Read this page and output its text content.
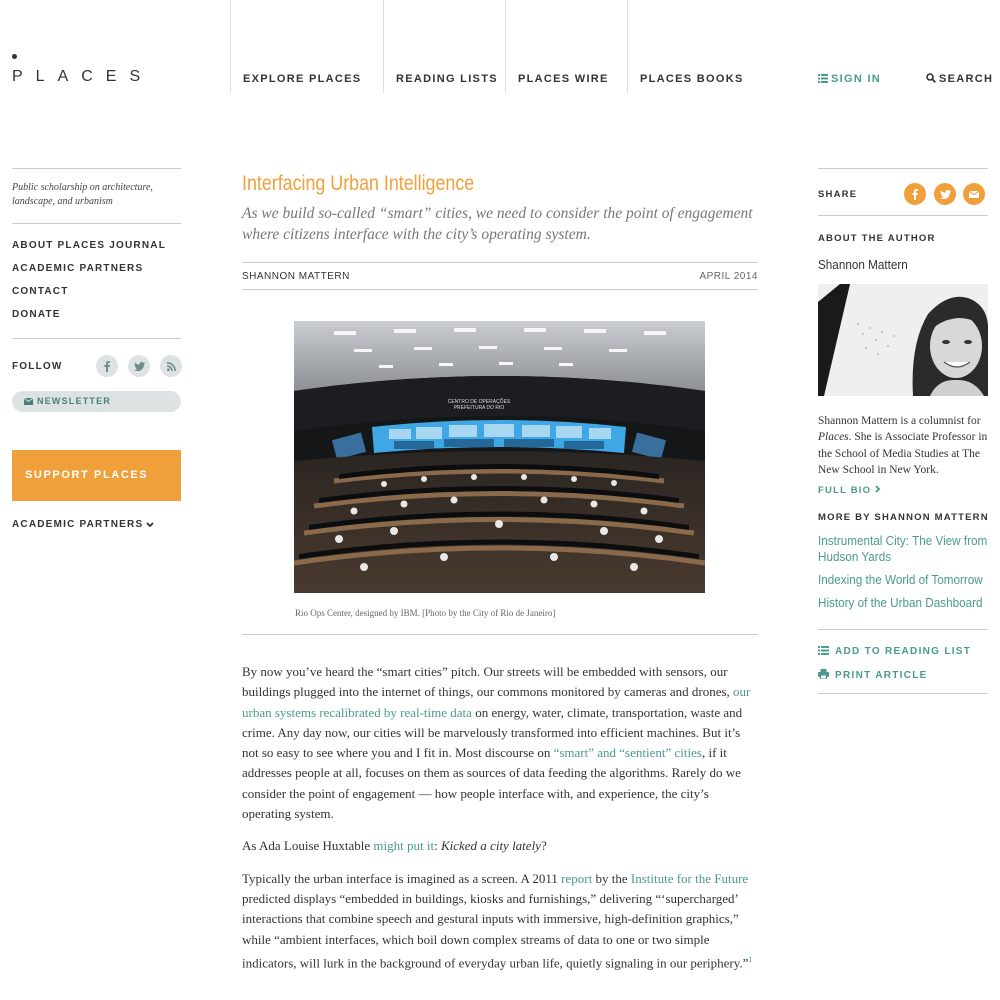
PLACES	EXPLORE PLACES	READING LISTS PLACES WIRE	PLACES BOOKS	SIGN IN	SEARCH
Public scholarship on architecture, landscape, and urbanism
ABOUT PLACES JOURNAL
ACADEMIC PARTNERS
CONTACT
DONATE
FOLLOW
NEWSLETTER
SUPPORT PLACES
ACADEMIC PARTNERS
Interfacing Urban Intelligence
As we build so-called “smart” cities, we need to consider the point of engagement where citizens interface with the city’s operating system.
SHANNON MATTERN	APRIL 2014
CENTRO DE OPERAÇÕES
PREFEITURA DO RIO
Rio Ops Center, designed by IBM. [Photo by the City of Rio de Janeiro]

By now you’ve heard the “smart cities” pitch. Our streets will be embedded with sensors, our buildings plugged into the internet of things, our commons monitored by cameras and drones, our urban systems recalibrated by real-time data on energy, water, climate, transportation, waste and crime. Any day now, our cities will be marvelously transformed into efficient machines. But it’s not so easy to see where you and I fit in. Most discourse on “smart” and “sentient” cities, if it addresses people at all, focuses on them as sources of data feeding the algorithms. Rarely do we consider the point of engagement — how people interface with, and experience, the city’s operating system.

As Ada Louise Huxtable might put it: Kicked a city lately?

Typically the urban interface is imagined as a screen. A 2011 report by the Institute for the Future predicted displays “embedded in buildings, kiosks and furnishings,” delivering “‘supercharged’ interactions that combine speech and gestural inputs with immersive, high-definition graphics,” while “ambient interfaces, which boil down complex streams of data to one or two simple indicators, will lurk in the background of everyday urban life, quietly signaling in our periphery.”$^1$

SHARE
ABOUT THE AUTHOR
Shannon Mattern
Shannon Mattern is a columnist for Places. She is Associate Professor in the School of Media Studies at The New School in New York.
FULL BIO
MORE BY SHANNON MATTERN
Instrumental City: The View from Hudson Yards
Indexing the World of Tomorrow
History of the Urban Dashboard
ADD TO READING LIST
PRINT ARTICLE
